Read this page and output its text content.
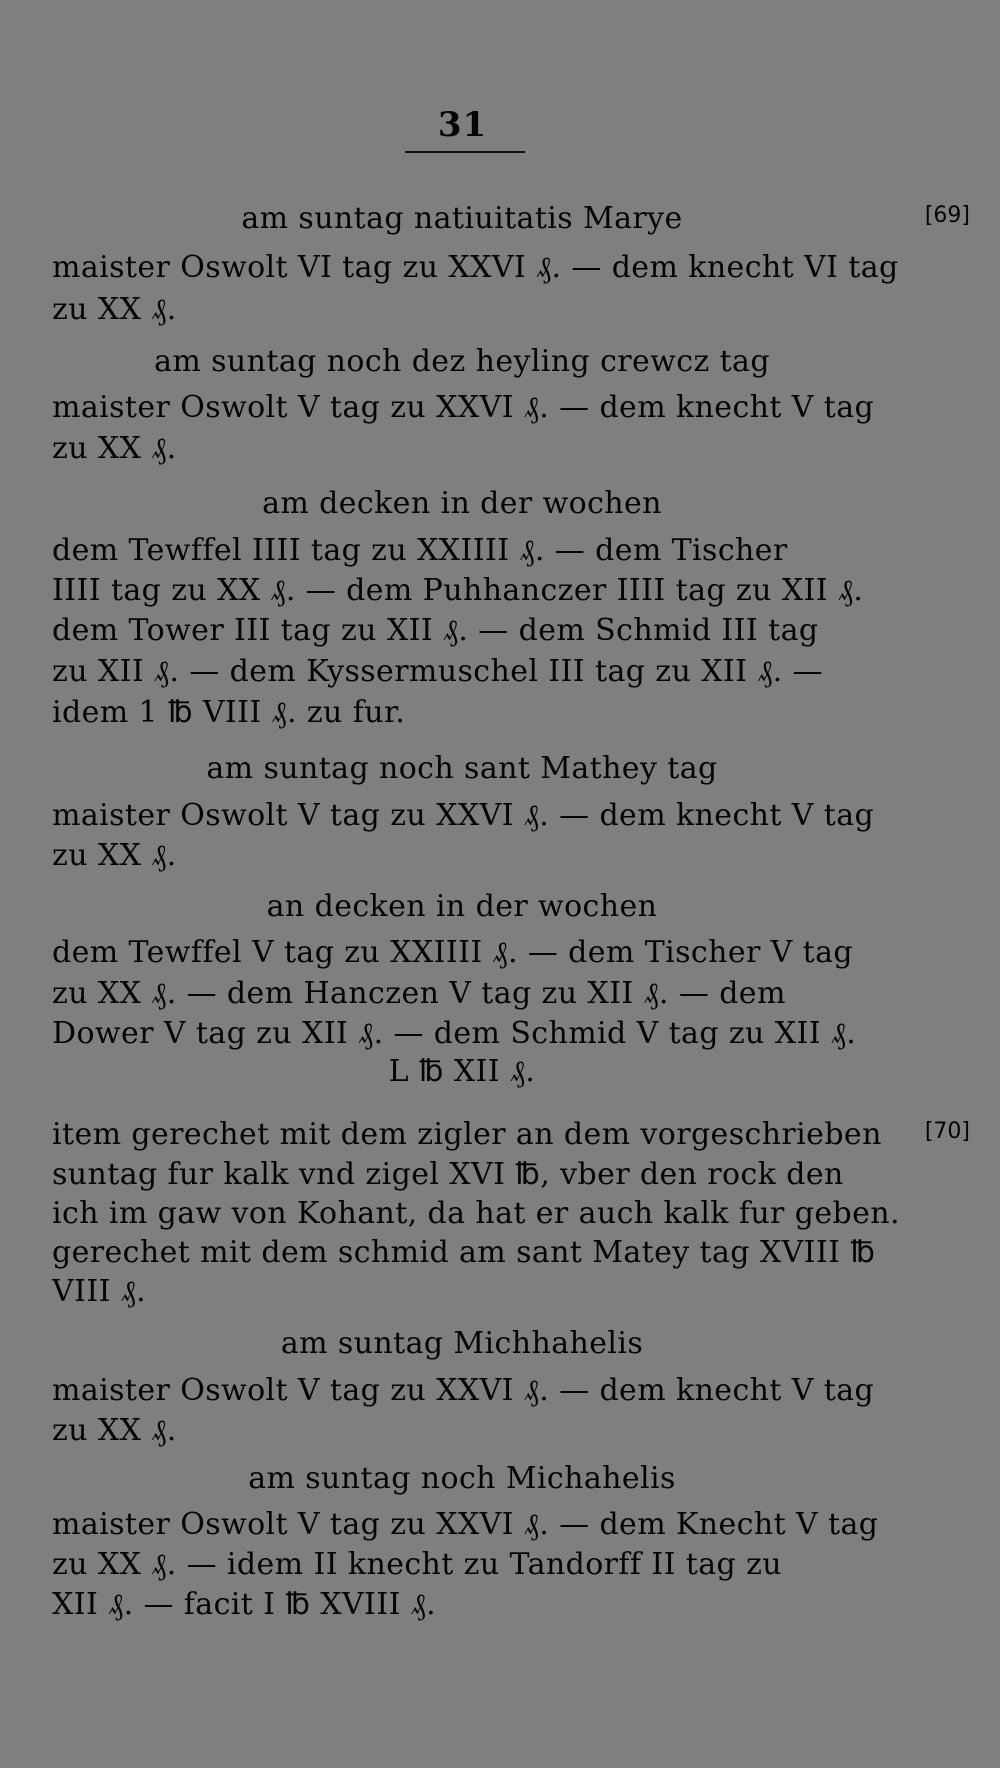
31
[69]
[70]
am suntag natiuitatis Marye
maister Oswolt VI tag zu XXVI ₰. — dem knecht VI tag
zu XX ₰.
am suntag noch dez heyling crewcz tag
maister Oswolt V tag zu XXVI ₰. — dem knecht V tag
zu XX ₰.
am decken in der wochen
dem Tewffel IIII tag zu XXIIII ₰. — dem Tischer
IIII tag zu XX ₰. — dem Puhhanczer IIII tag zu XII ₰.
dem Tower III tag zu XII ₰. — dem Schmid III tag
zu XII ₰. — dem Kyssermuschel III tag zu XII ₰. —
idem 1 ℔ VIII ₰. zu fur.
am suntag noch sant Mathey tag
maister Oswolt V tag zu XXVI ₰. — dem knecht V tag
zu XX ₰.
an decken in der wochen
dem Tewffel V tag zu XXIIII ₰. — dem Tischer V tag
zu XX ₰. — dem Hanczen V tag zu XII ₰. — dem
Dower V tag zu XII ₰. — dem Schmid V tag zu XII ₰.
L ℔ XII ₰.
item gerechet mit dem zigler an dem vorgeschrieben
suntag fur kalk vnd zigel XVI ℔, vber den rock den
ich im gaw von Kohant, da hat er auch kalk fur geben.
gerechet mit dem schmid am sant Matey tag XVIII ℔
VIII ₰.
am suntag Michhahelis
maister Oswolt V tag zu XXVI ₰. — dem knecht V tag
zu XX ₰.
am suntag noch Michahelis
maister Oswolt V tag zu XXVI ₰. — dem Knecht V tag
zu XX ₰. — idem II knecht zu Tandorff II tag zu
XII ₰. — facit I ℔ XVIII ₰.
